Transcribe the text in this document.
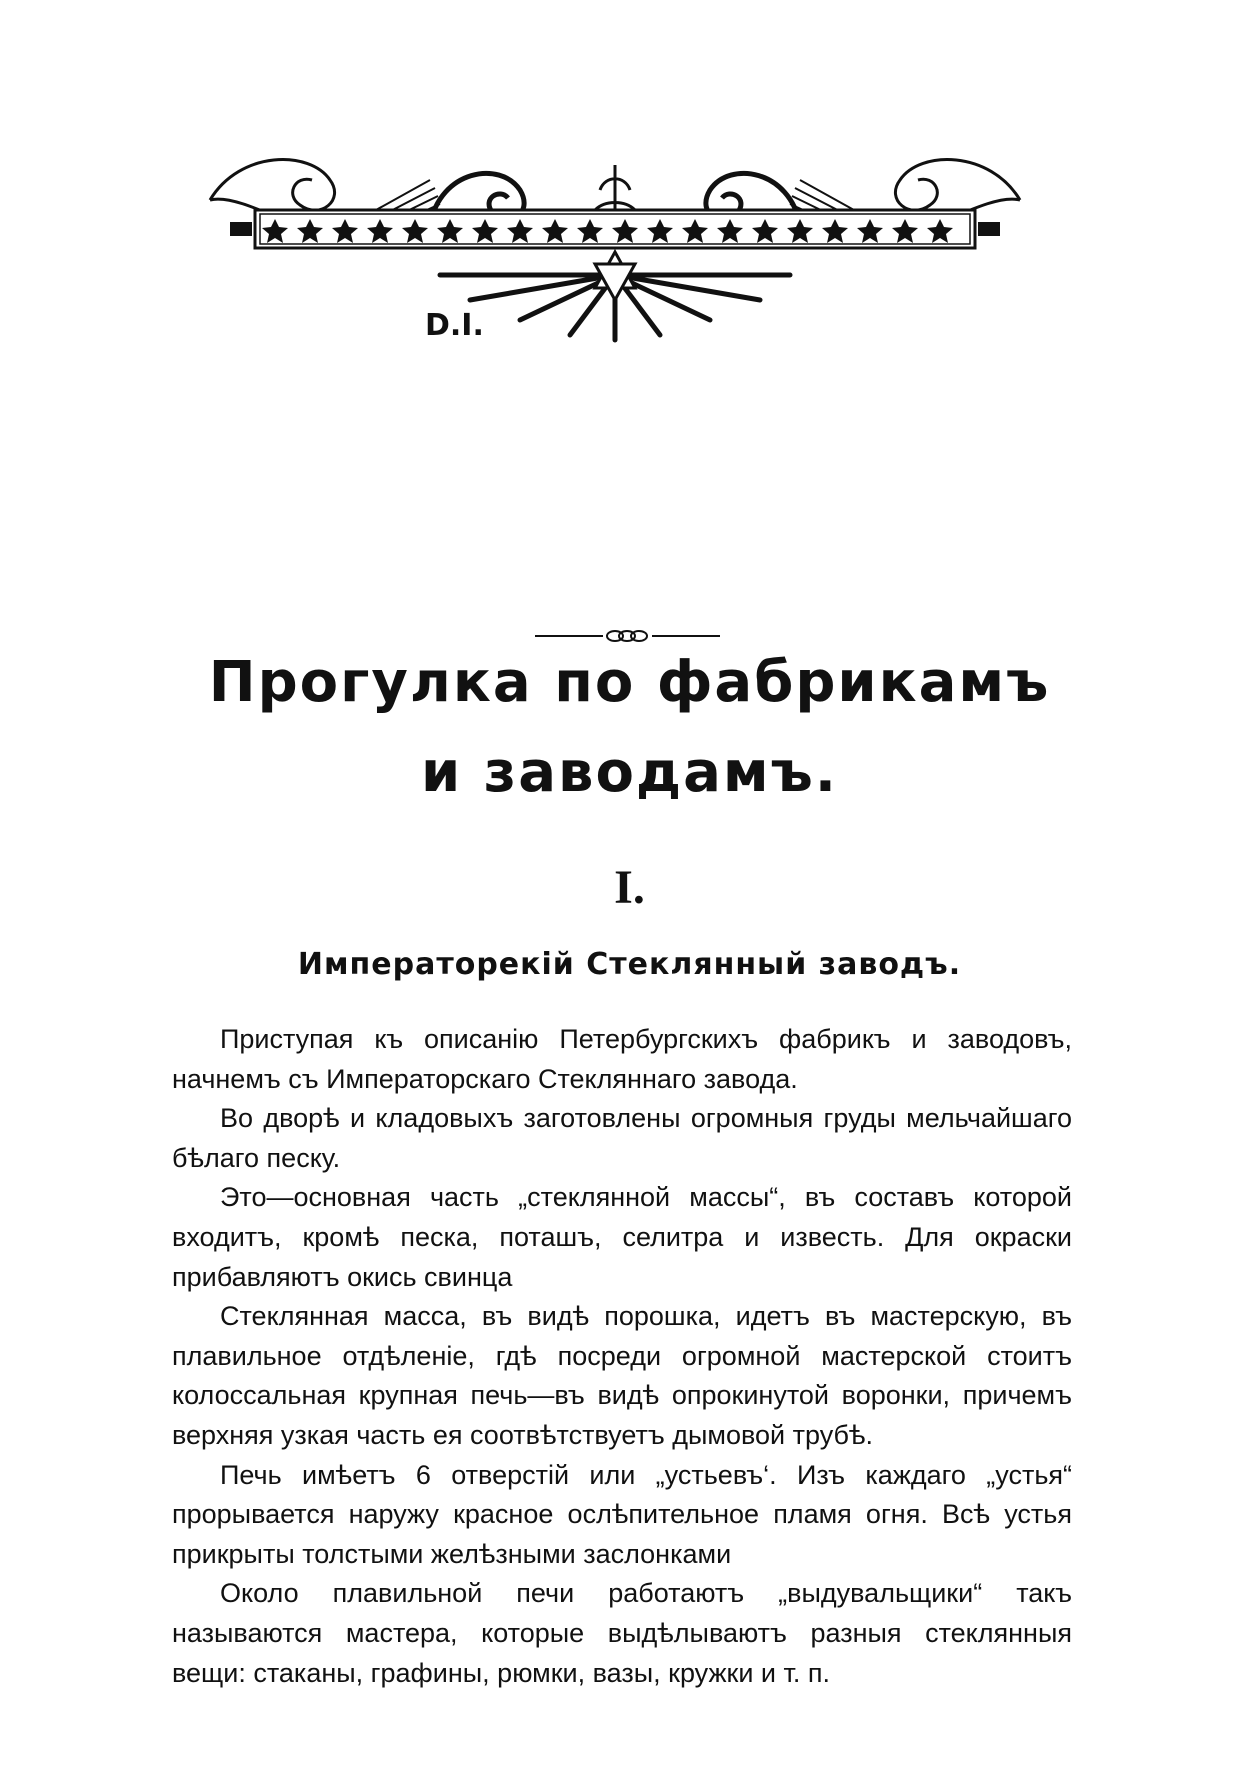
D.I.
Прогулка по фабрикамъ
и заводамъ.
I.
Императорекій Стеклянный заводъ.

Приступая къ описанію Петербургскихъ фабрикъ и заводовъ, начнемъ съ Императорскаго Стекляннаго завода.

Во дворѣ и кладовыхъ заготовлены огромныя груды мельчайшаго бѣлаго песку.

Это—основная часть „стеклянной массы“, въ составъ которой входитъ, кромѣ песка, поташъ, селитра и известь. Для окраски прибавляютъ окись свинца

Стеклянная масса, въ видѣ порошка, идетъ въ мастерскую, въ плавильное отдѣленіе, гдѣ посреди огромной мастерской стоитъ колоссальная крупная печь—въ видѣ опрокинутой воронки, причемъ верхняя узкая часть ея соотвѣтствуетъ дымовой трубѣ.

Печь имѣетъ 6 отверстій или „устьевъ‘. Изъ каждаго „устья“ прорывается наружу красное ослѣпительное пламя огня. Всѣ устья прикрыты толстыми желѣзными заслонками

Около плавильной печи работаютъ „выдувальщики“ такъ называются мастера, которые выдѣлываютъ разныя стеклянныя вещи: стаканы, графины, рюмки, вазы, кружки и т. п.
